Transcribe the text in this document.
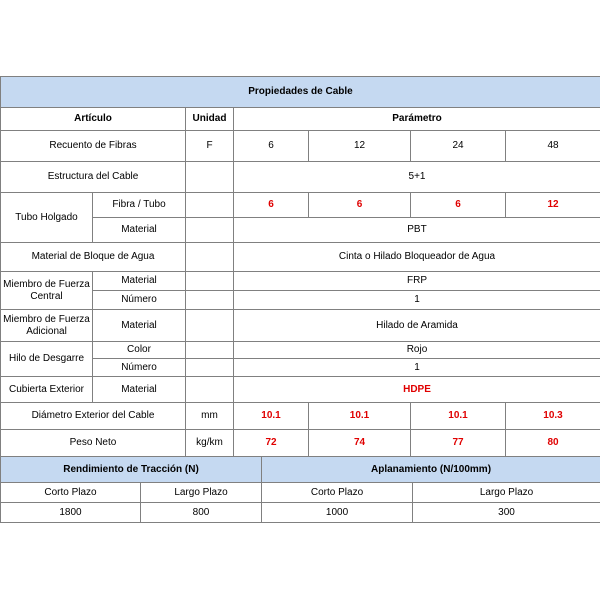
Propiedades de Cable						
Artículo		Unidad	Parámetro			
Recuento de Fibras		F	6	12	24	48
Estructura del Cable			5+1			
Tubo Holgado	Fibra / Tubo		6	6	6	12
	Material		PBT			
Material de Bloque de Agua			Cinta o Hilado Bloqueador de Agua			
Miembro de Fuerza Central	Material		FRP			
	Número		1			
Miembro de Fuerza Adicional	Material		Hilado de Aramida			
Hilo de Desgarre	Color		Rojo			
	Número		1			
Cubierta Exterior	Material		HDPE			
Diámetro Exterior del Cable		mm	10.1	10.1	10.1	10.3
Peso Neto		kg/km	72	74	77	80
Rendimiento de Tracción (N)		Aplanamiento (N/100mm)	
Corto Plazo	Largo Plazo	Corto Plazo	Largo Plazo
1800	800	1000	300
